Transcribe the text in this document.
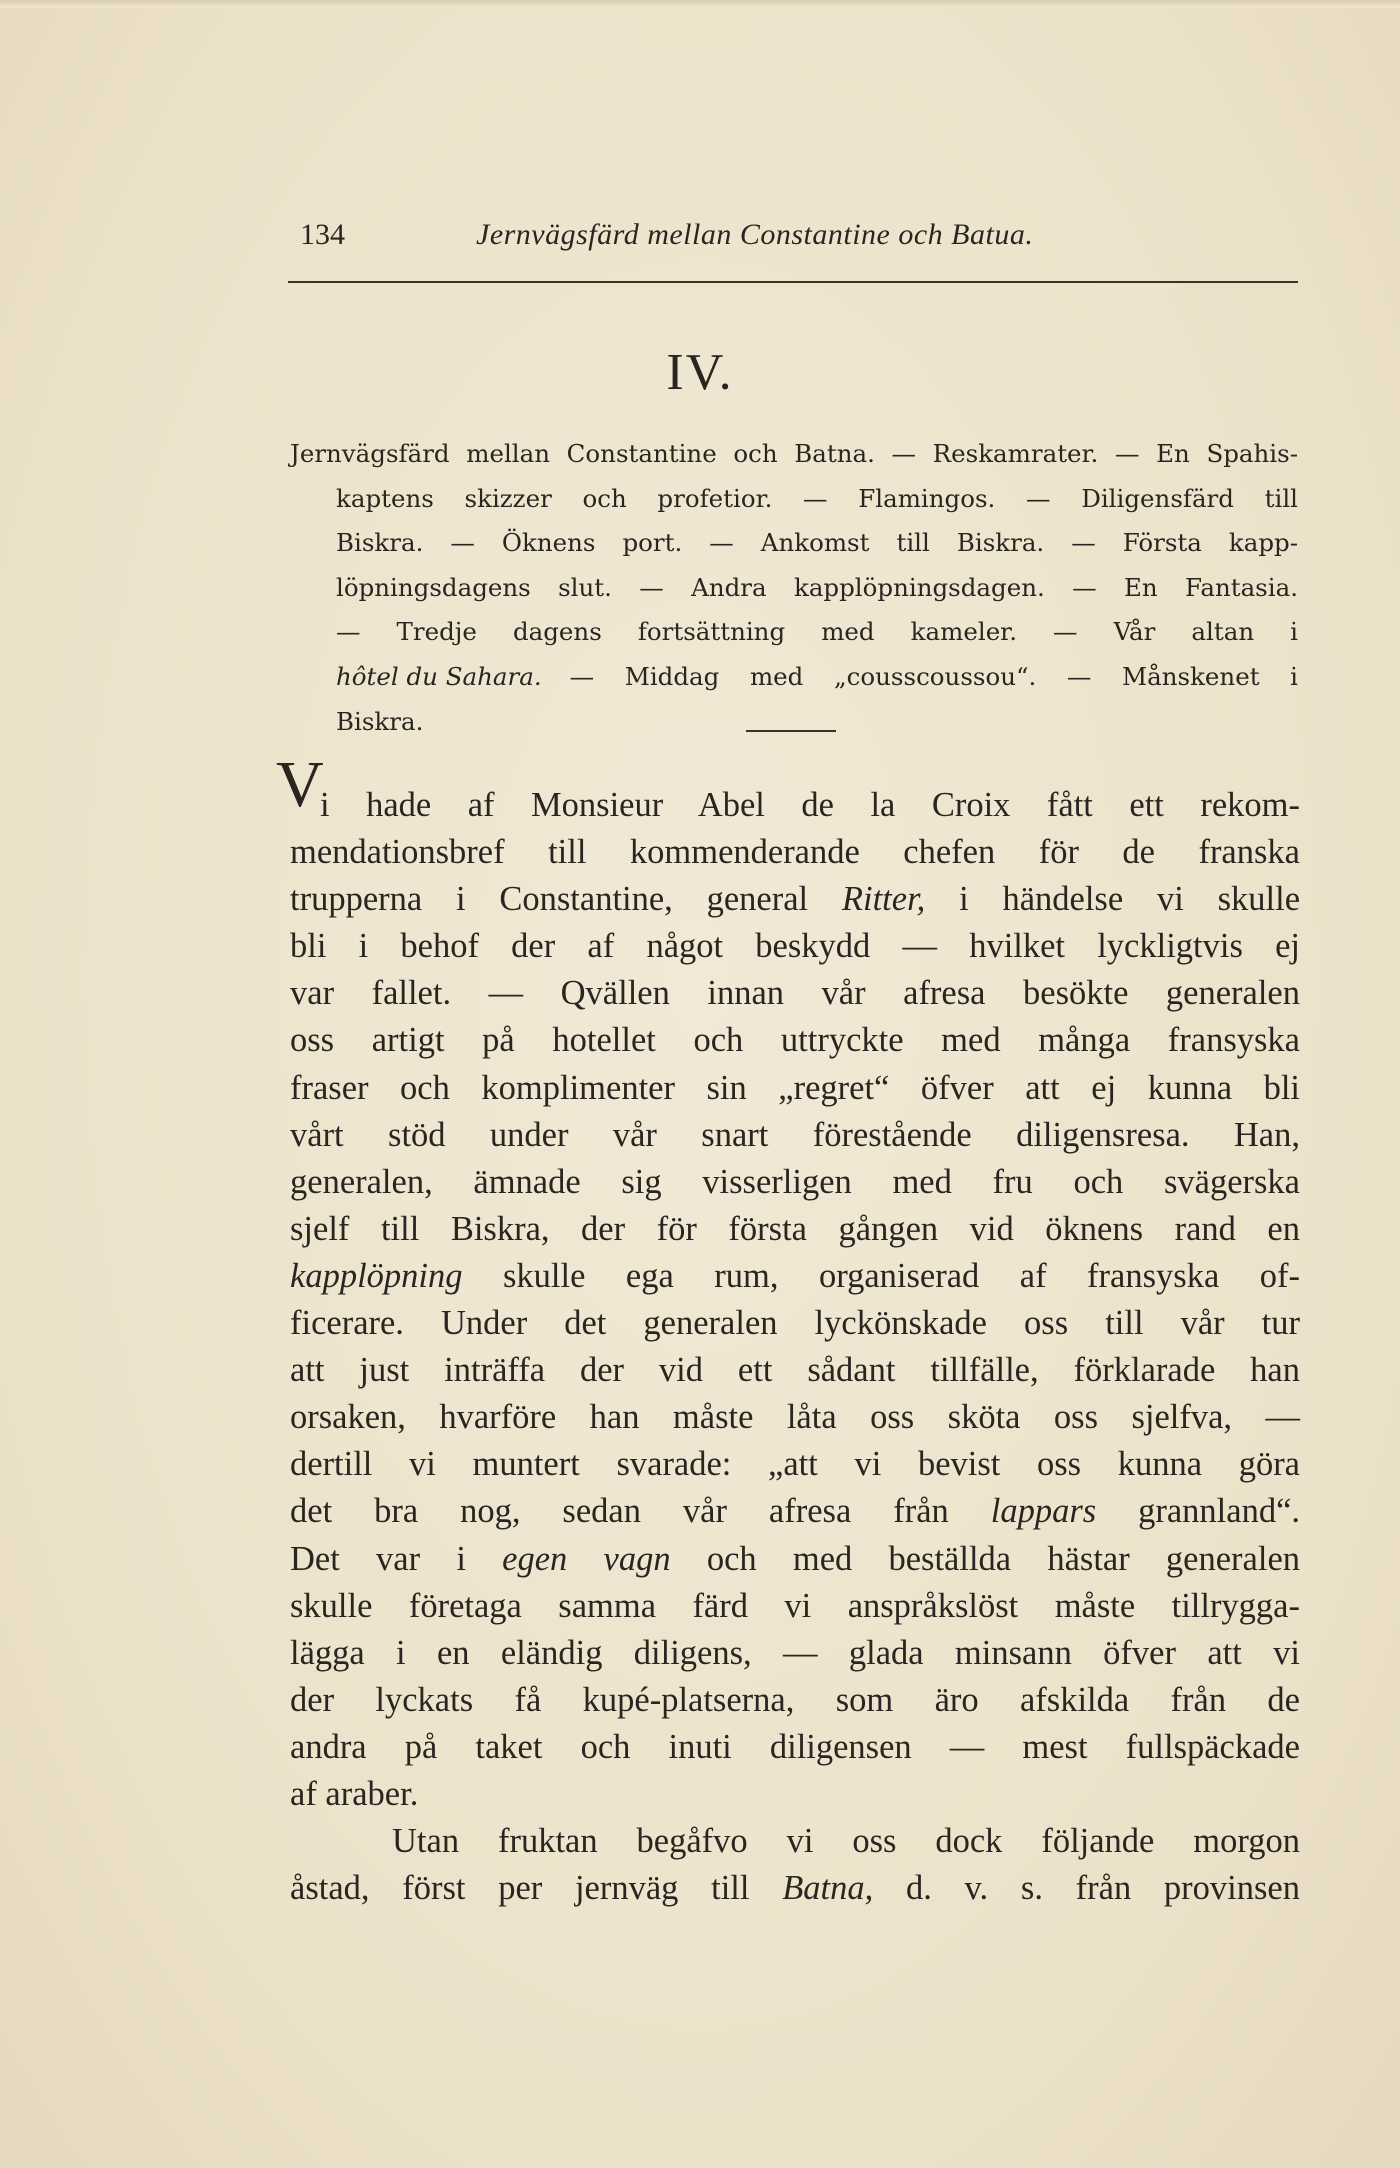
134	Jernvägsfärd mellan Constantine och Batua.
IV.
Jernvägsfärd mellan Constantine och Batna. — Reskamrater. — En Spahis-
kaptens skizzer och profetior. — Flamingos. — Diligensfärd till
Biskra. — Öknens port. — Ankomst till Biskra. — Första kapp-
löpningsdagens slut. — Andra kapplöpningsdagen. — En Fantasia.
— Tredje dagens fortsättning med kameler. — Vår altan i
hôtel du Sahara.	— Middag med „cousscoussou“. — Månskenet i
Biskra.
V
i hade af Monsieur Abel de la Croix fått ett rekom-
mendationsbref till kommenderande chefen för de franska
trupperna i Constantine, general Ritter, i händelse vi skulle
bli i behof der af något beskydd — hvilket lyckligtvis ej
var fallet. — Qvällen innan vår afresa besökte generalen
oss artigt på hotellet och uttryckte med många fransyska
fraser och komplimenter sin „regret“ öfver att ej kunna bli
vårt stöd under vår snart förestående diligensresa. Han,
generalen, ämnade sig visserligen med fru och svägerska
sjelf till Biskra, der för första gången vid öknens rand en
kapplöpning skulle ega rum, organiserad af fransyska of-
ficerare. Under det generalen lyckönskade oss till vår tur
att just inträffa der vid ett sådant tillfälle, förklarade han
orsaken, hvarföre han måste låta oss sköta oss sjelfva, —
dertill vi muntert svarade: „att vi bevist oss kunna göra
det bra nog, sedan vår afresa från lappars grannland“.
Det var i egen vagn och med beställda hästar generalen
skulle företaga samma färd vi anspråkslöst måste tillrygga-
lägga i en eländig diligens, — glada minsann öfver att vi
der lyckats få kupé-platserna, som äro afskilda från de
andra på taket och inuti diligensen — mest fullspäckade
af araber.
Utan fruktan begåfvo vi oss dock följande morgon
åstad, först per jernväg till Batna, d. v. s. från provinsen
